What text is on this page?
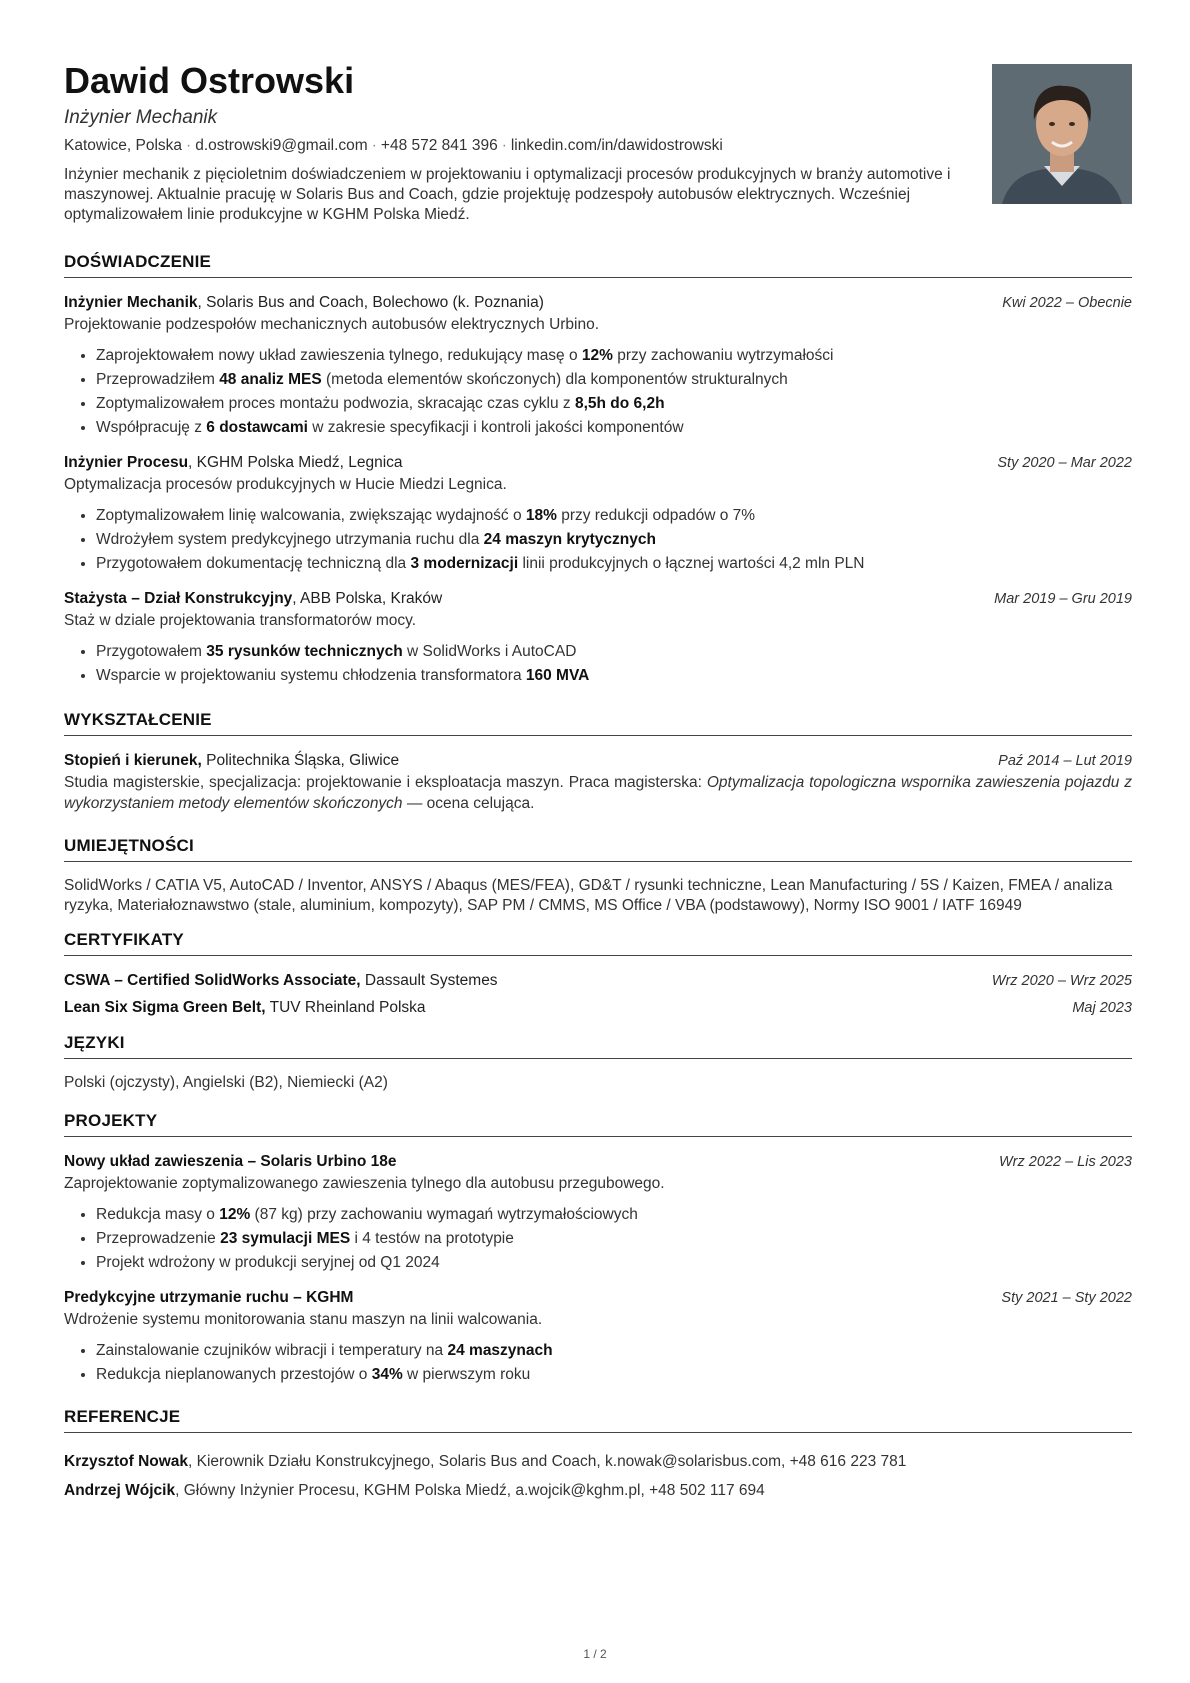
Dawid Ostrowski
Inżynier Mechanik
Katowice, Polska · d.ostrowski9@gmail.com · +48 572 841 396 · linkedin.com/in/dawidostrowski
Inżynier mechanik z pięcioletnim doświadczeniem w projektowaniu i optymalizacji procesów produkcyjnych w branży automotive i maszynowej. Aktualnie pracuję w Solaris Bus and Coach, gdzie projektuję podzespoły autobusów elektrycznych. Wcześniej optymalizowałem linie produkcyjne w KGHM Polska Miedź.
DOŚWIADCZENIE
Inżynier Mechanik, Solaris Bus and Coach, Bolechowo (k. Poznania)	Kwi 2022 – Obecnie
Projektowanie podzespołów mechanicznych autobusów elektrycznych Urbino.
• Zaprojektowałem nowy układ zawieszenia tylnego, redukujący masę o 12% przy zachowaniu wytrzymałości
• Przeprowadziłem 48 analiz MES (metoda elementów skończonych) dla komponentów strukturalnych
• Zoptymalizowałem proces montażu podwozia, skracając czas cyklu z 8,5h do 6,2h
• Współpracuję z 6 dostawcami w zakresie specyfikacji i kontroli jakości komponentów
Inżynier Procesu, KGHM Polska Miedź, Legnica	Sty 2020 – Mar 2022
Optymalizacja procesów produkcyjnych w Hucie Miedzi Legnica.
• Zoptymalizowałem linię walcowania, zwiększając wydajność o 18% przy redukcji odpadów o 7%
• Wdrożyłem system predykcyjnego utrzymania ruchu dla 24 maszyn krytycznych
• Przygotowałem dokumentację techniczną dla 3 modernizacji linii produkcyjnych o łącznej wartości 4,2 mln PLN
Stażysta – Dział Konstrukcyjny, ABB Polska, Kraków	Mar 2019 – Gru 2019
Staż w dziale projektowania transformatorów mocy.
• Przygotowałem 35 rysunków technicznych w SolidWorks i AutoCAD
• Wsparcie w projektowaniu systemu chłodzenia transformatora 160 MVA
WYKSZTAŁCENIE
Stopień i kierunek, Politechnika Śląska, Gliwice	Paź 2014 – Lut 2019
Studia magisterskie, specjalizacja: projektowanie i eksploatacja maszyn. Praca magisterska: Optymalizacja topologiczna wspornika zawieszenia pojazdu z wykorzystaniem metody elementów skończonych — ocena celująca.
UMIEJĘTNOŚCI
SolidWorks / CATIA V5, AutoCAD / Inventor, ANSYS / Abaqus (MES/FEA), GD&T / rysunki techniczne, Lean Manufacturing / 5S / Kaizen, FMEA / analiza ryzyka, Materiałoznawstwo (stale, aluminium, kompozyty), SAP PM / CMMS, MS Office / VBA (podstawowy), Normy ISO 9001 / IATF 16949
CERTYFIKATY
CSWA – Certified SolidWorks Associate, Dassault Systemes	Wrz 2020 – Wrz 2025
Lean Six Sigma Green Belt, TUV Rheinland Polska	Maj 2023
JĘZYKI
Polski (ojczysty), Angielski (B2), Niemiecki (A2)
PROJEKTY
Nowy układ zawieszenia – Solaris Urbino 18e	Wrz 2022 – Lis 2023
Zaprojektowanie zoptymalizowanego zawieszenia tylnego dla autobusu przegubowego.
• Redukcja masy o 12% (87 kg) przy zachowaniu wymagań wytrzymałościowych
• Przeprowadzenie 23 symulacji MES i 4 testów na prototypie
• Projekt wdrożony w produkcji seryjnej od Q1 2024
Predykcyjne utrzymanie ruchu – KGHM	Sty 2021 – Sty 2022
Wdrożenie systemu monitorowania stanu maszyn na linii walcowania.
• Zainstalowanie czujników wibracji i temperatury na 24 maszynach
• Redukcja nieplanowanych przestojów o 34% w pierwszym roku
REFERENCJE
Krzysztof Nowak, Kierownik Działu Konstrukcyjnego, Solaris Bus and Coach, k.nowak@solarisbus.com, +48 616 223 781
Andrzej Wójcik, Główny Inżynier Procesu, KGHM Polska Miedź, a.wojcik@kghm.pl, +48 502 117 694
1 / 2
